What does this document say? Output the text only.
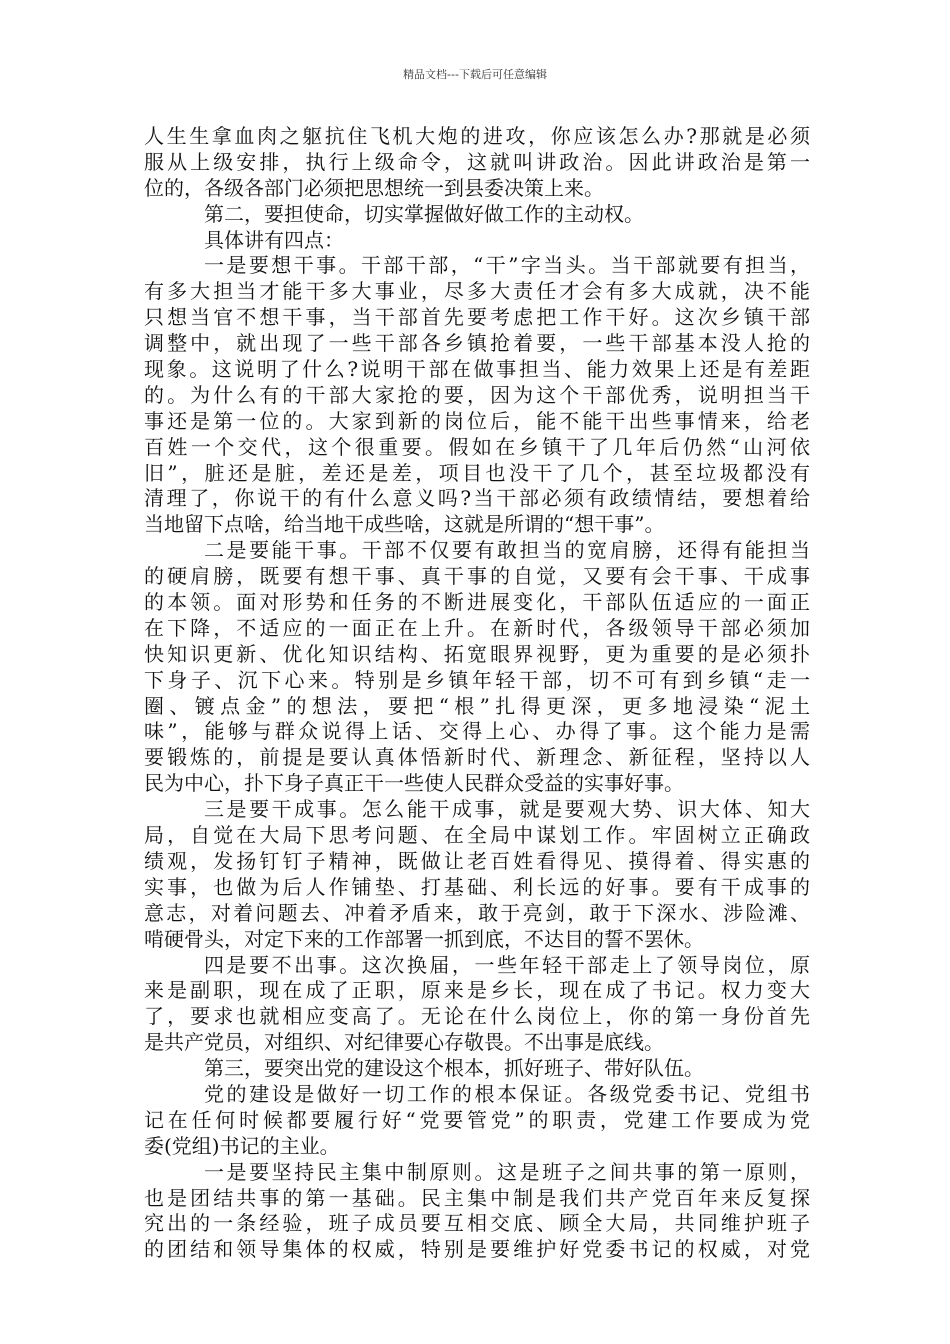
精品文档---下载后可任意编辑
人生生拿血肉之躯抗住飞机大炮的进攻，你应该怎么办?那就是必须
服从上级安排，执行上级命令，这就叫讲政治。因此讲政治是第一
位的，各级各部门必须把思想统一到县委决策上来。
第二，要担使命，切实掌握做好做工作的主动权。
具体讲有四点：
一是要想干事。干部干部，“干”字当头。当干部就要有担当，
有多大担当才能干多大事业，尽多大责任才会有多大成就，决不能
只想当官不想干事，当干部首先要考虑把工作干好。这次乡镇干部
调整中，就出现了一些干部各乡镇抢着要，一些干部基本没人抢的
现象。这说明了什么?说明干部在做事担当、能力效果上还是有差距
的。为什么有的干部大家抢的要，因为这个干部优秀，说明担当干
事还是第一位的。大家到新的岗位后，能不能干出些事情来，给老
百姓一个交代，这个很重要。假如在乡镇干了几年后仍然“山河依
旧”，脏还是脏，差还是差，项目也没干了几个，甚至垃圾都没有
清理了，你说干的有什么意义吗?当干部必须有政绩情结，要想着给
当地留下点啥，给当地干成些啥，这就是所谓的“想干事”。
二是要能干事。干部不仅要有敢担当的宽肩膀，还得有能担当
的硬肩膀，既要有想干事、真干事的自觉，又要有会干事、干成事
的本领。面对形势和任务的不断进展变化，干部队伍适应的一面正
在下降，不适应的一面正在上升。在新时代，各级领导干部必须加
快知识更新、优化知识结构、拓宽眼界视野，更为重要的是必须扑
下身子、沉下心来。特别是乡镇年轻干部，切不可有到乡镇“走一
圈、镀点金”的想法，要把“根”扎得更深，更多地浸染“泥土
味”，能够与群众说得上话、交得上心、办得了事。这个能力是需
要锻炼的，前提是要认真体悟新时代、新理念、新征程，坚持以人
民为中心，扑下身子真正干一些使人民群众受益的实事好事。
三是要干成事。怎么能干成事，就是要观大势、识大体、知大
局，自觉在大局下思考问题、在全局中谋划工作。牢固树立正确政
绩观，发扬钉钉子精神，既做让老百姓看得见、摸得着、得实惠的
实事，也做为后人作铺垫、打基础、利长远的好事。要有干成事的
意志，对着问题去、冲着矛盾来，敢于亮剑，敢于下深水、涉险滩、
啃硬骨头，对定下来的工作部署一抓到底，不达目的誓不罢休。
四是要不出事。这次换届，一些年轻干部走上了领导岗位，原
来是副职，现在成了正职，原来是乡长，现在成了书记。权力变大
了，要求也就相应变高了。无论在什么岗位上，你的第一身份首先
是共产党员，对组织、对纪律要心存敬畏。不出事是底线。
第三，要突出党的建设这个根本，抓好班子、带好队伍。
党的建设是做好一切工作的根本保证。各级党委书记、党组书
记在任何时候都要履行好“党要管党”的职责，党建工作要成为党
委(党组)书记的主业。
一是要坚持民主集中制原则。这是班子之间共事的第一原则，
也是团结共事的第一基础。民主集中制是我们共产党百年来反复探
究出的一条经验，班子成员要互相交底、顾全大局，共同维护班子
的团结和领导集体的权威，特别是要维护好党委书记的权威，对党
